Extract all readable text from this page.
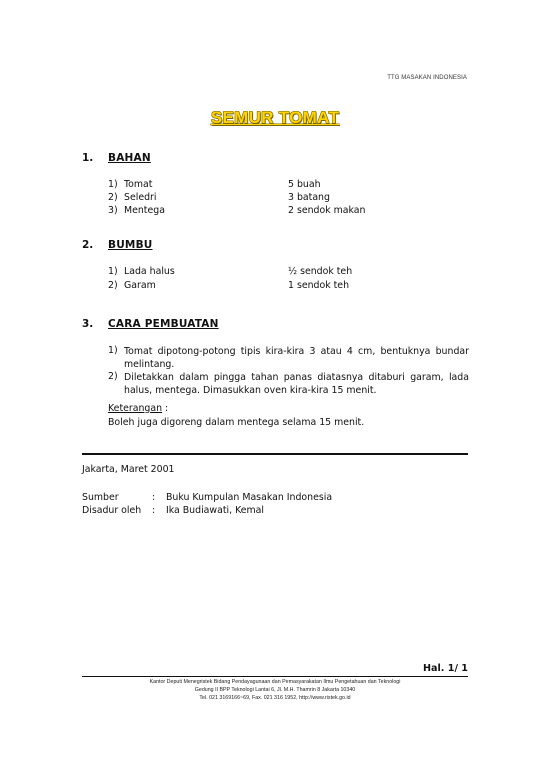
TTG MASAKAN INDONESIA
SEMUR TOMAT
1. BAHAN
1) Tomat	5 buah
2) Seledri	3 batang
3) Mentega	2 sendok makan
2. BUMBU
1) Lada halus	½ sendok teh
2) Garam	1 sendok teh
3. CARA PEMBUATAN
1) Tomat dipotong-potong tipis kira-kira 3 atau 4 cm, bentuknya bundar melintang.
2) Diletakkan dalam pingga tahan panas diatasnya ditaburi garam, lada halus, mentega. Dimasukkan oven kira-kira 15 menit.
Keterangan :
Boleh juga digoreng dalam mentega selama 15 menit.
Jakarta, Maret 2001
Sumber	: Buku Kumpulan Masakan Indonesia
Disadur oleh : Ika Budiawati, Kemal
Hal. 1/ 1
Kantor Deputi Menegristek Bidang Pendayagunaan dan Pemasyarakatan Ilmu Pengetahuan dan Teknologi
Gedung II BPP Teknologi Lantai 6, Jl. M.H. Thamrin 8 Jakarta 10340
Tel. 021 3169166~69, Fax. 021 316 1952, http://www.ristek.go.id
